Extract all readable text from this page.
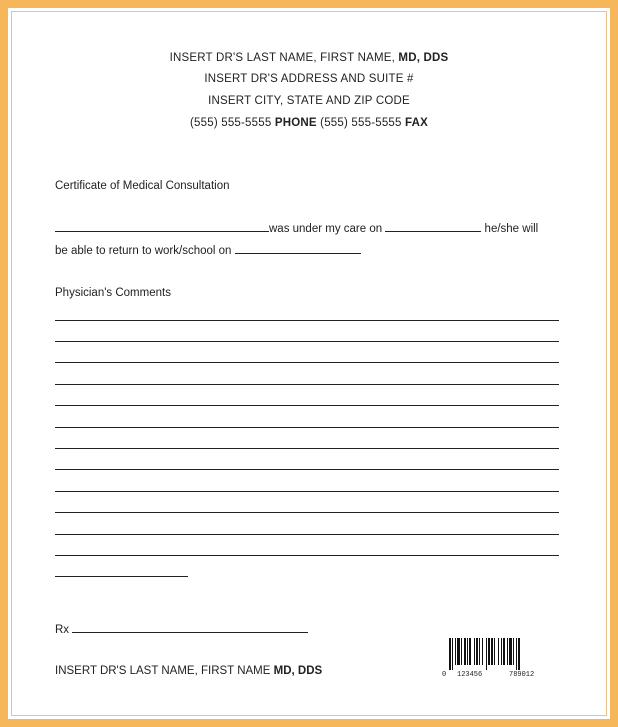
INSERT DR'S LAST NAME, FIRST NAME, MD, DDS
INSERT DR'S ADDRESS AND SUITE #
INSERT CITY, STATE AND ZIP CODE
(555) 555-5555 PHONE (555) 555-5555 FAX
Certificate of Medical Consultation
was under my care on	he/she will
be able to return to work/school on
Physician's Comments
Rx
INSERT DR'S LAST NAME, FIRST NAME MD, DDS	0 123456	789012
